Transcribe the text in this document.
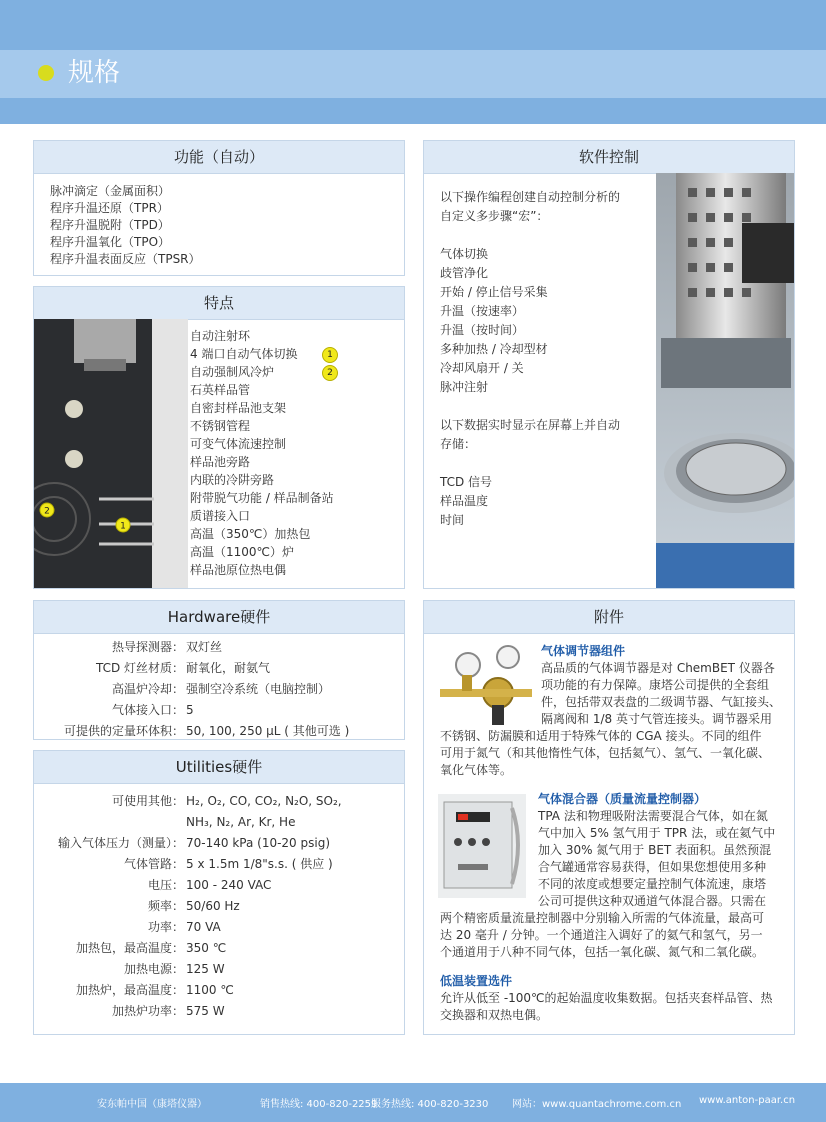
规格
功能（自动）
脉冲滴定（金属面积）
程序升温还原（TPR）
程序升温脱附（TPD）
程序升温氧化（TPO）
程序升温表面反应（TPSR）
软件控制
以下操作编程创建自动控制分析的
自定义多步骤“宏”：
气体切换
歧管净化
开始 / 停止信号采集
升温（按速率）
升温（按时间）
多种加热 / 冷却型材
冷却风扇开 / 关
脉冲注射
以下数据实时显示在屏幕上并自动
存储：
TCD 信号
样品温度
时间
特点
2
1
自动注射环
4 端口自动气体切换	1
自动强制风冷炉	2
石英样品管
自密封样品池支架
不锈钢管程
可变气体流速控制
样品池旁路
内联的冷阱旁路
附带脱气功能 / 样品制备站
质谱接入口
高温（350℃）加热包
高温（1100℃）炉
样品池原位热电偶
Hardware硬件
热导探测器： 双灯丝
TCD 灯丝材质： 耐氧化，耐氨气
高温炉冷却： 强制空冷系统（电脑控制）
气体接入口： 5
可提供的定量环体积： 50, 100, 250 μL ( 其他可选 )
Utilities硬件
可使用其他： H₂, O₂, CO, CO₂, N₂O, SO₂,
NH₃, N₂, Ar, Kr, He
输入气体压力（测量）： 70-140 kPa (10-20 psig)
气体管路： 5 x 1.5m 1/8"s.s. ( 供应 )
电压： 100 - 240 VAC
频率： 50/60 Hz
功率： 70 VA
加热包，最高温度： 350 ℃
加热电源： 125 W
加热炉，最高温度： 1100 ℃
加热炉功率： 575 W
附件
气体调节器组件
高品质的气体调节器是对 ChemBET 仪器各
项功能的有力保障。康塔公司提供的全套组
件，包括带双表盘的二级调节器、气缸接头、
隔离阀和 1/8 英寸气管连接头。调节器采用
不锈钢、防漏膜和适用于特殊气体的 CGA 接头。不同的组件
可用于氮气（和其他惰性气体，包括氦气）、氢气、一氧化碳、
氧化气体等。
气体混合器（质量流量控制器）
TPA 法和物理吸附法需要混合气体，如在氮
气中加入 5% 氢气用于 TPR 法，或在氦气中
加入 30% 氮气用于 BET 表面积。虽然预混
合气罐通常容易获得，但如果您想使用多种
不同的浓度或想要定量控制气体流速，康塔
公司可提供这种双通道气体混合器。只需在
两个精密质量流量控制器中分别输入所需的气体流量，最高可
达 20 毫升 / 分钟。一个通道注入调好了的氦气和氢气，另一
个通道用于八种不同气体，包括一氧化碳、氮气和二氧化碳。
低温装置选件
允许从低至 -100℃的起始温度收集数据。包括夹套样品管、热
交换器和双热电偶。
安东帕中国（康塔仪器）	销售热线: 400-820-2259
服务热线: 400-820-3230 网站：www.quantachrome.com.cn www.anton-paar.cn
